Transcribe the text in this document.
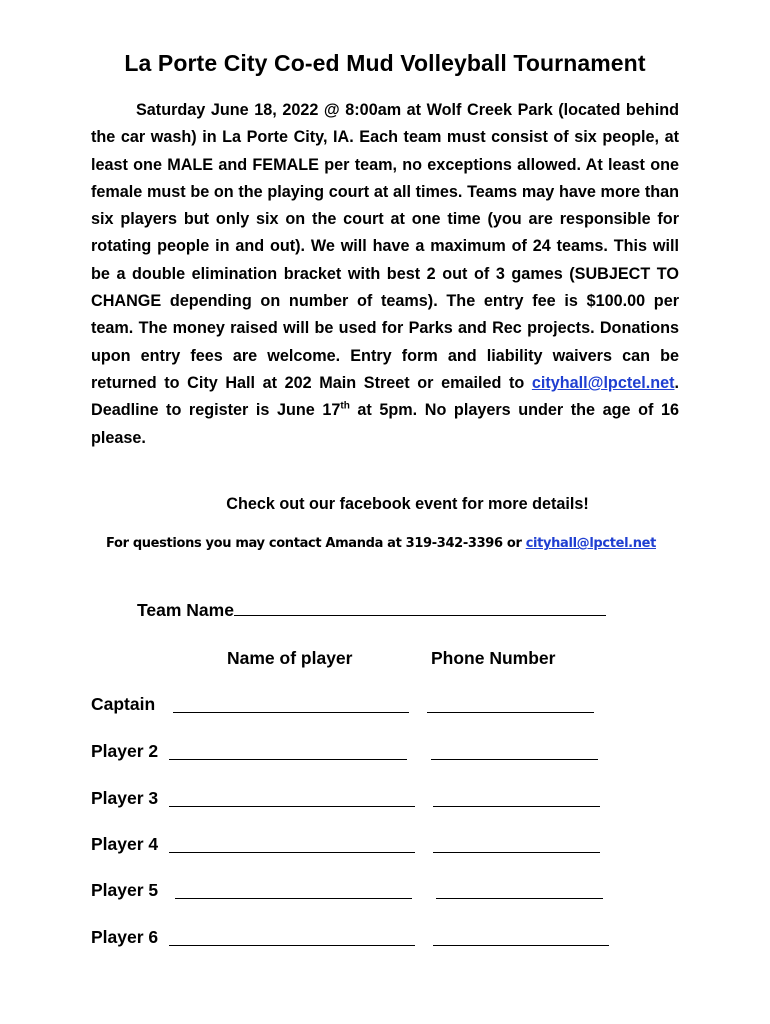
La Porte City Co-ed Mud Volleyball Tournament
Saturday June 18, 2022 @ 8:00am at Wolf Creek Park (located behind the car wash) in La Porte City, IA. Each team must consist of six people, at least one MALE and FEMALE per team, no exceptions allowed. At least one female must be on the playing court at all times. Teams may have more than six players but only six on the court at one time (you are responsible for rotating people in and out). We will have a maximum of 24 teams. This will be a double elimination bracket with best 2 out of 3 games (SUBJECT TO CHANGE depending on number of teams). The entry fee is $100.00 per team. The money raised will be used for Parks and Rec projects. Donations upon entry fees are welcome. Entry form and liability waivers can be returned to City Hall at 202 Main Street or emailed to cityhall@lpctel.net. Deadline to register is June 17th at 5pm. No players under the age of 16 please.
Check out our facebook event for more details!
For questions you may contact Amanda at 319-342-3396 or cityhall@lpctel.net
Team Name
Name of player	Phone Number
Captain
Player 2
Player 3
Player 4
Player 5
Player 6
